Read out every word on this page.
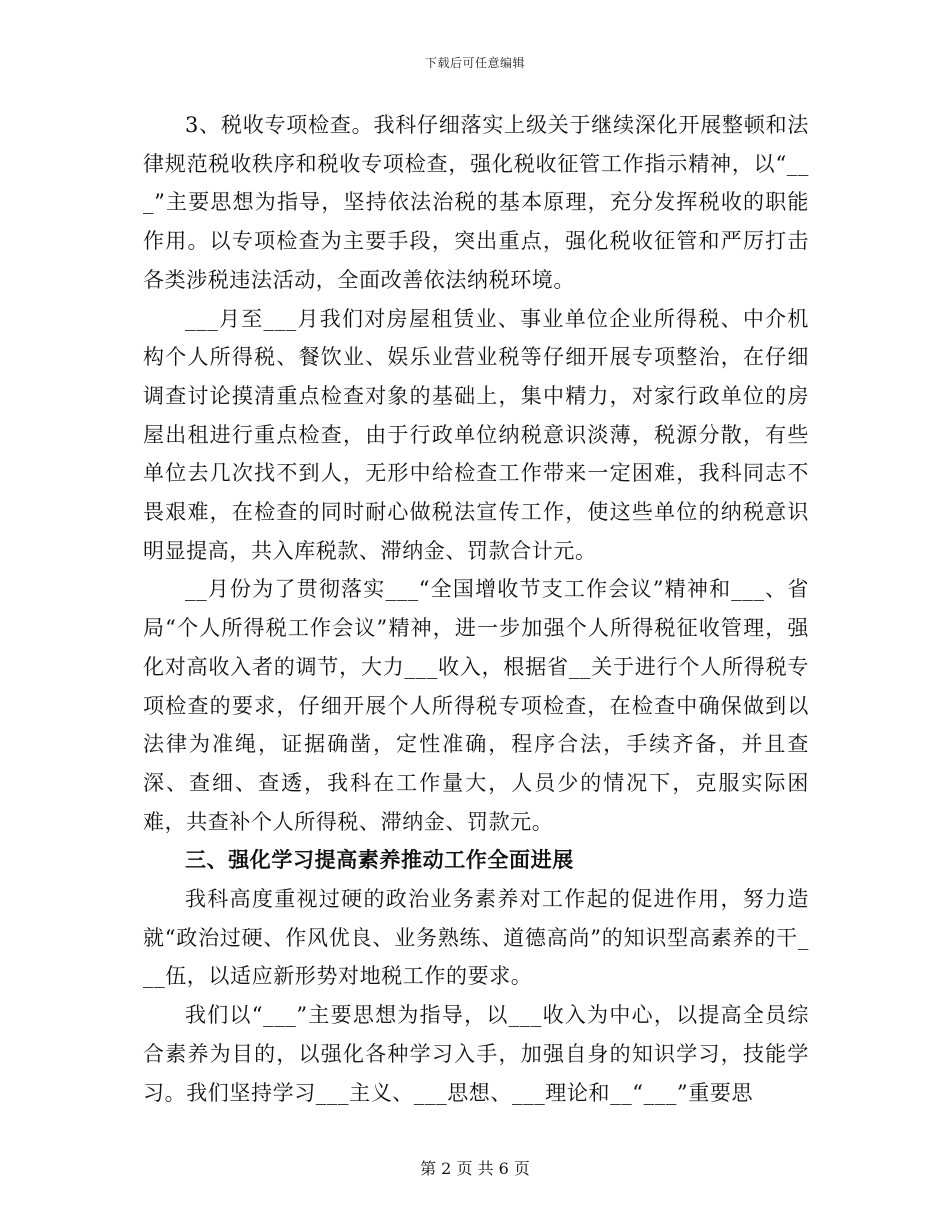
下载后可任意编辑

3、税收专项检查。我科仔细落实上级关于继续深化开展整顿和法律规范税收秩序和税收专项检查，强化税收征管工作指示精神，以“___”主要思想为指导，坚持依法治税的基本原理，充分发挥税收的职能作用。以专项检查为主要手段，突出重点，强化税收征管和严厉打击各类涉税违法活动，全面改善依法纳税环境。

___月至___月我们对房屋租赁业、事业单位企业所得税、中介机构个人所得税、餐饮业、娱乐业营业税等仔细开展专项整治，在仔细调查讨论摸清重点检查对象的基础上，集中精力，对家行政单位的房屋出租进行重点检查，由于行政单位纳税意识淡薄，税源分散，有些单位去几次找不到人，无形中给检查工作带来一定困难，我科同志不畏艰难，在检查的同时耐心做税法宣传工作，使这些单位的纳税意识明显提高，共入库税款、滞纳金、罚款合计元。

__月份为了贯彻落实___“全国增收节支工作会议”精神和___、省局“个人所得税工作会议”精神，进一步加强个人所得税征收管理，强化对高收入者的调节，大力___收入，根据省__关于进行个人所得税专项检查的要求，仔细开展个人所得税专项检查，在检查中确保做到以法律为准绳，证据确凿，定性准确，程序合法，手续齐备，并且查深、查细、查透，我科在工作量大，人员少的情况下，克服实际困难，共查补个人所得税、滞纳金、罚款元。

三、强化学习提高素养推动工作全面进展

我科高度重视过硬的政治业务素养对工作起的促进作用，努力造就“政治过硬、作风优良、业务熟练、道德高尚”的知识型高素养的干___伍，以适应新形势对地税工作的要求。

我们以“___”主要思想为指导，以___收入为中心，以提高全员综合素养为目的，以强化各种学习入手，加强自身的知识学习，技能学习。我们坚持学习___主义、___思想、___理论和__“___”重要思

第 2 页 共 6 页
